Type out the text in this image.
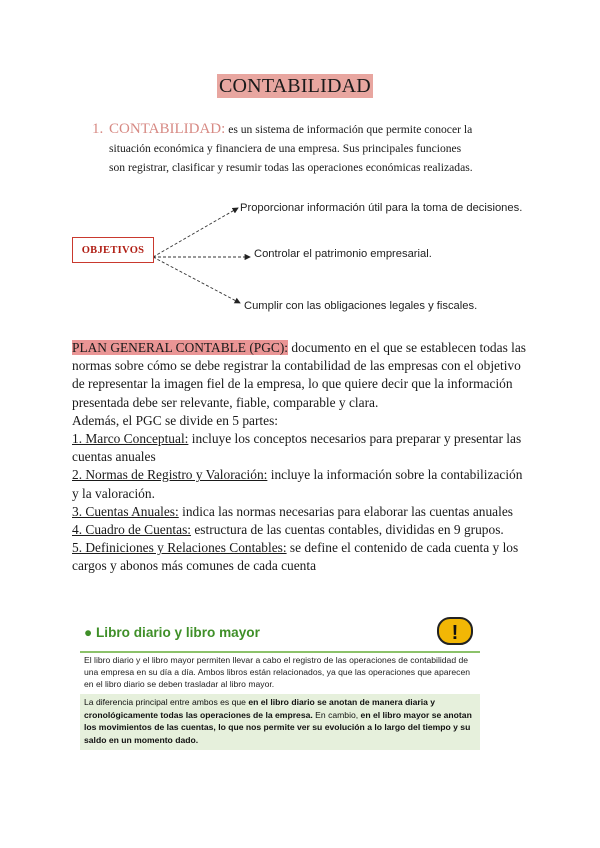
CONTABILIDAD
1. CONTABILIDAD: es un sistema de información que permite conocer la
situación económica y financiera de una empresa. Sus principales funciones
son registrar, clasificar y resumir todas las operaciones económicas realizadas.
OBJETIVOS
Proporcionar información útil para la toma de decisiones.
Controlar el patrimonio empresarial.
Cumplir con las obligaciones legales y fiscales.

PLAN GENERAL CONTABLE (PGC): documento en el que se establecen todas las normas sobre cómo se debe registrar la contabilidad de las empresas con el objetivo de representar la imagen fiel de la empresa, lo que quiere decir que la información presentada debe ser relevante, fiable, comparable y clara.

Además, el PGC se divide en 5 partes:

1. Marco Conceptual: incluye los conceptos necesarios para preparar y presentar las cuentas anuales

2. Normas de Registro y Valoración: incluye la información sobre la contabilización y la valoración.

3. Cuentas Anuales: indica las normas necesarias para elaborar las cuentas anuales

4. Cuadro de Cuentas: estructura de las cuentas contables, divididas en 9 grupos.

5. Definiciones y Relaciones Contables: se define el contenido de cada cuenta y los cargos y abonos más comunes de cada cuenta

● Libro diario y libro mayor	!
El libro diario y el libro mayor permiten llevar a cabo el registro de las operaciones de contabilidad de una empresa en su día a día. Ambos libros están relacionados, ya que las operaciones que aparecen en el libro diario se deben trasladar al libro mayor.

La diferencia principal entre ambos es que en el libro diario se anotan de manera diaria y cronológicamente todas las operaciones de la empresa. En cambio, en el libro mayor se anotan los movimientos de las cuentas, lo que nos permite ver su evolución a lo largo del tiempo y su saldo en un momento dado.
